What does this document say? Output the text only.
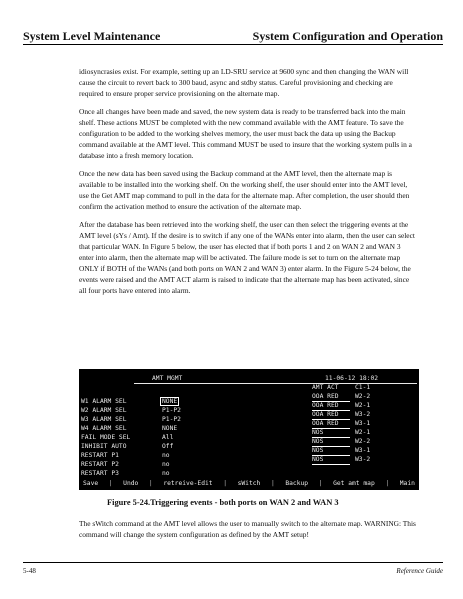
System Level Maintenance	System Configuration and Operation

idiosyncrasies exist. For example, setting up an LD-SRU service at 9600 sync and then changing the WAN will cause the circuit to revert back to 300 baud, async and stdby status. Careful provisioning and checking are required to ensure proper service provisioning on the alternate map.

Once all changes have been made and saved, the new system data is ready to be transferred back into the main shelf. These actions MUST be completed with the new command available with the AMT feature. To save the configuration to be added to the working shelves memory, the user must back the data up using the Backup command available at the AMT level. This command MUST be used to insure that the working system pulls in a database into a fresh memory location.

Once the new data has been saved using the Backup command at the AMT level, then the alternate map is available to be installed into the working shelf. On the working shelf, the user should enter into the AMT level, use the Get AMT map command to pull in the data for the alternate map. After completion, the user should then confirm the activation method to ensure the activation of the alternate map.

After the database has been retrieved into the working shelf, the user can then select the triggering events at the AMT level (sYs / Amt). If the desire is to switch if any one of the WANs enter into alarm, then the user can select that particular WAN. In Figure 5 below, the user has elected that if both ports 1 and 2 on WAN 2 and WAN 3 enter into alarm, then the alternate map will be activated. The failure mode is set to turn on the alternate map ONLY if BOTH of the WANs (and both ports on WAN 2 and WAN 3) enter alarm. In the Figure 5-24 below, the events were raised and the AMT ACT alarm is raised to indicate that the alternate map has been activated, since all four ports have entered into alarm.

AMT MGMT	11-06-12 18:02
W1 ALARM SEL	NONE
W2 ALARM SEL	P1-P2
W3 ALARM SEL	P1-P2
W4 ALARM SEL	NONE
FAIL MODE SEL	All
INHIBIT AUTO	Off
RESTART P1	no
RESTART P2	no
RESTART P3	no
AMT ACT	C1-1
OOA RED	W2-2
OOA RED	W2-1
OOA RED	W3-2
OOA RED	W3-1
NOS	W2-1
NOS	W2-2
NOS	W3-1
NOS	W3-2
Save	|	Undo	|	retreive-Edit	|	sWitch	|	Backup	|	Get amt map	|	Main
Figure 5-24.Triggering events - both ports on WAN 2 and WAN 3
The sWitch command at the AMT level allows the user to manually switch to the alternate map. WARNING: This command will change the system configuration as defined by the AMT setup!
5-48	Reference Guide
